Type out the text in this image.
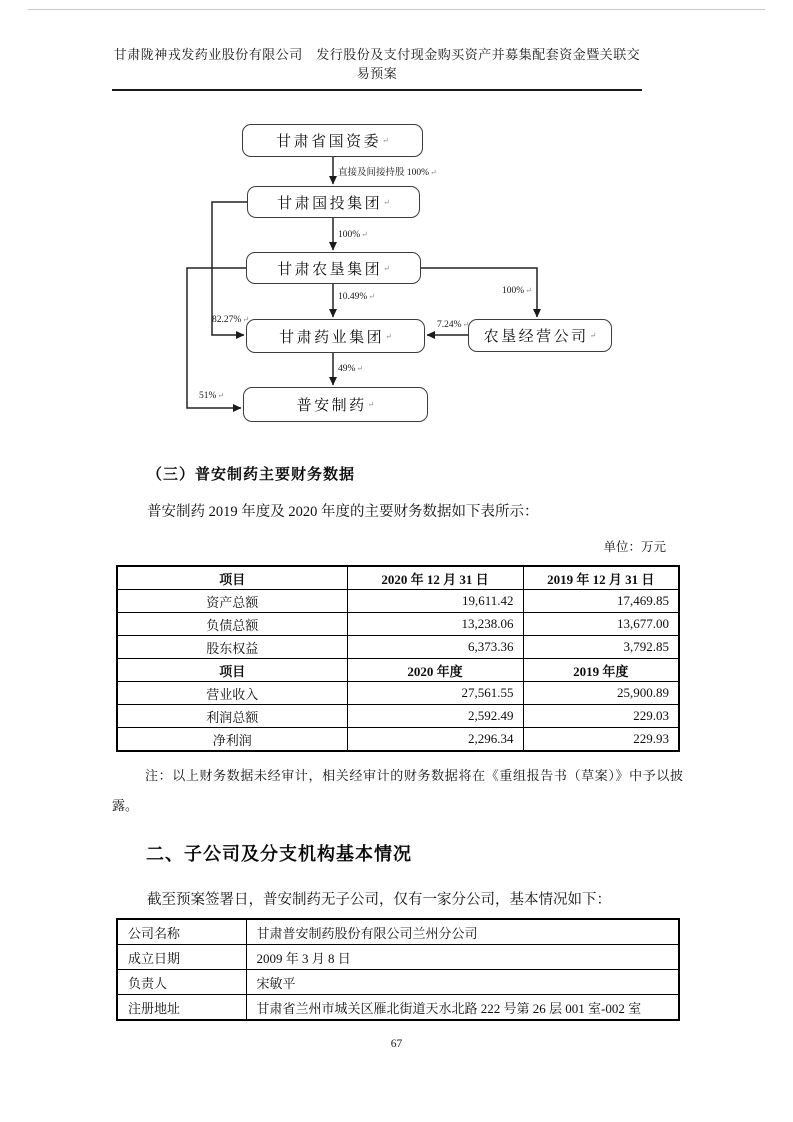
甘肃陇神戎发药业股份有限公司　发行股份及支付现金购买资产并募集配套资金暨关联交易预案
甘肃省国资委 ↵
甘肃国投集团 ↵
甘肃农垦集团 ↵
甘肃药业集团 ↵	农垦经营公司 ↵
普安制药 ↵
直接及间接持股 100%↵
100%↵
10.49%↵
49%↵
82.27%↵
7.24%↵
51%↵
100%↵
（三）普安制药主要财务数据
普安制药 2019 年度及 2020 年度的主要财务数据如下表所示：
单位：万元
项目	2020 年 12 月 31 日	2019 年 12 月 31 日
资产总额	19,611.42	17,469.85
负债总额	13,238.06	13,677.00
股东权益	6,373.36	3,792.85
项目	2020 年度	2019 年度
营业收入	27,561.55	25,900.89
利润总额	2,592.49	229.03
净利润	2,296.34	229.93
注：以上财务数据未经审计，相关经审计的财务数据将在《重组报告书（草案）》中予以披露。
二、子公司及分支机构基本情况
截至预案签署日，普安制药无子公司，仅有一家分公司，基本情况如下：
公司名称	甘肃普安制药股份有限公司兰州分公司
成立日期	2009 年 3 月 8 日
负责人	宋敏平
注册地址	甘肃省兰州市城关区雁北街道天水北路 222 号第 26 层 001 室-002 室
67
